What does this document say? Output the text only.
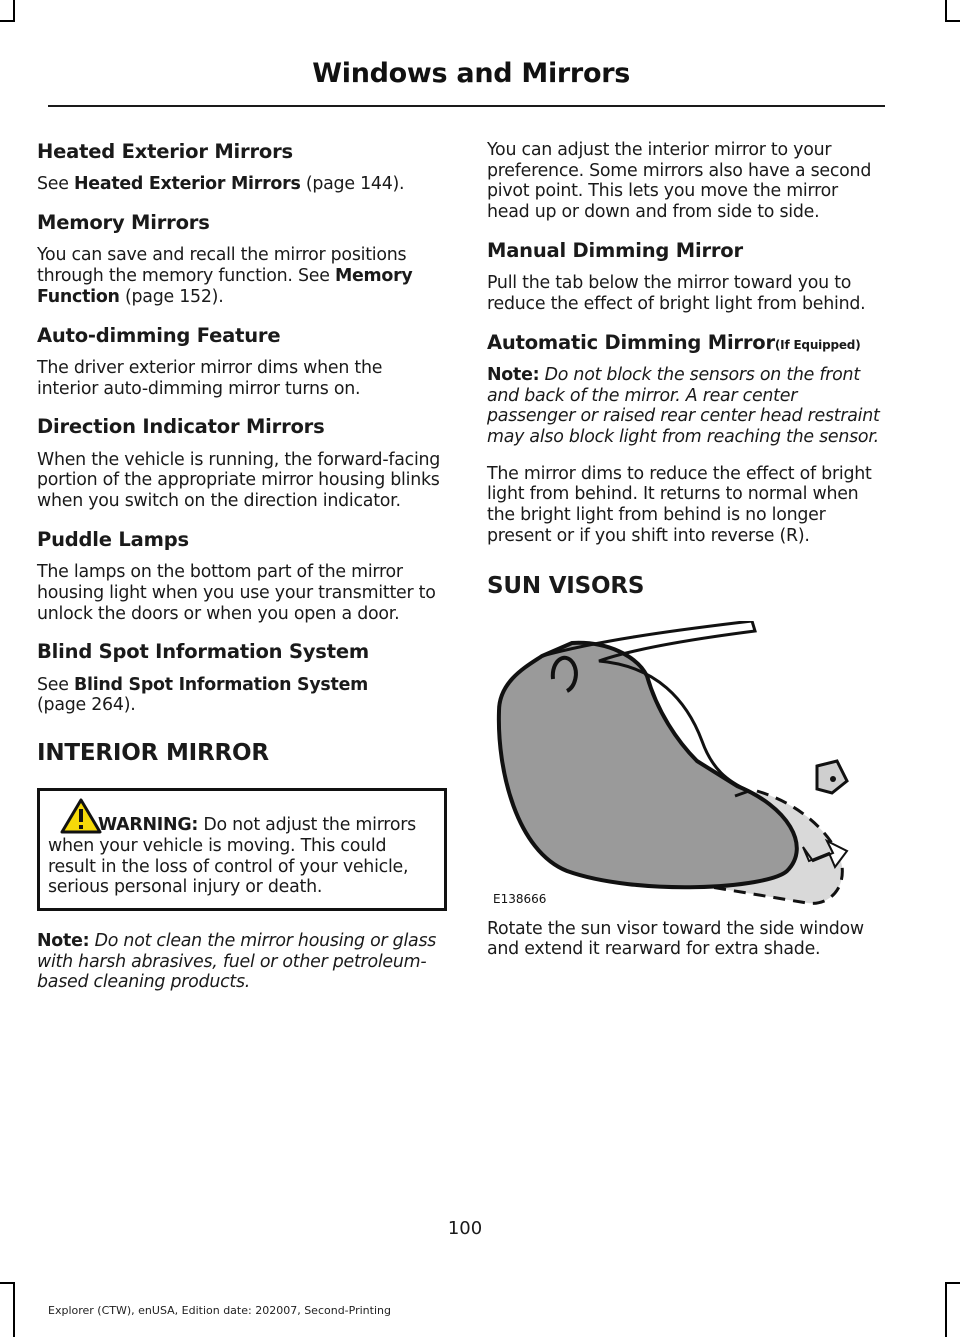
Windows and Mirrors
Heated Exterior Mirrors

See Heated Exterior Mirrors (page 144).

Memory Mirrors

You can save and recall the mirror positions through the memory function. See Memory Function (page 152).

Auto-dimming Feature

The driver exterior mirror dims when the interior auto-dimming mirror turns on.

Direction Indicator Mirrors

When the vehicle is running, the forward-facing portion of the appropriate mirror housing blinks when you switch on the direction indicator.

Puddle Lamps

The lamps on the bottom part of the mirror housing light when you use your transmitter to unlock the doors or when you open a door.

Blind Spot Information System

See Blind Spot Information System
(page 264).

INTERIOR MIRROR

WARNING: Do not adjust the mirrors when your vehicle is moving. This could result in the loss of control of your vehicle, serious personal injury or death.

Note: Do not clean the mirror housing or glass with harsh abrasives, fuel or other petroleum-based cleaning products.

You can adjust the interior mirror to your preference. Some mirrors also have a second pivot point. This lets you move the mirror head up or down and from side to side.

Manual Dimming Mirror

Pull the tab below the mirror toward you to reduce the effect of bright light from behind.

Automatic Dimming Mirror(If Equipped)

Note: Do not block the sensors on the front and back of the mirror. A rear center passenger or raised rear center head restraint may also block light from reaching the sensor.

The mirror dims to reduce the effect of bright light from behind. It returns to normal when the bright light from behind is no longer present or if you shift into reverse (R).

SUN VISORS
E138666

Rotate the sun visor toward the side window and extend it rearward for extra shade.

100
Explorer (CTW), enUSA, Edition date: 202007, Second-Printing
